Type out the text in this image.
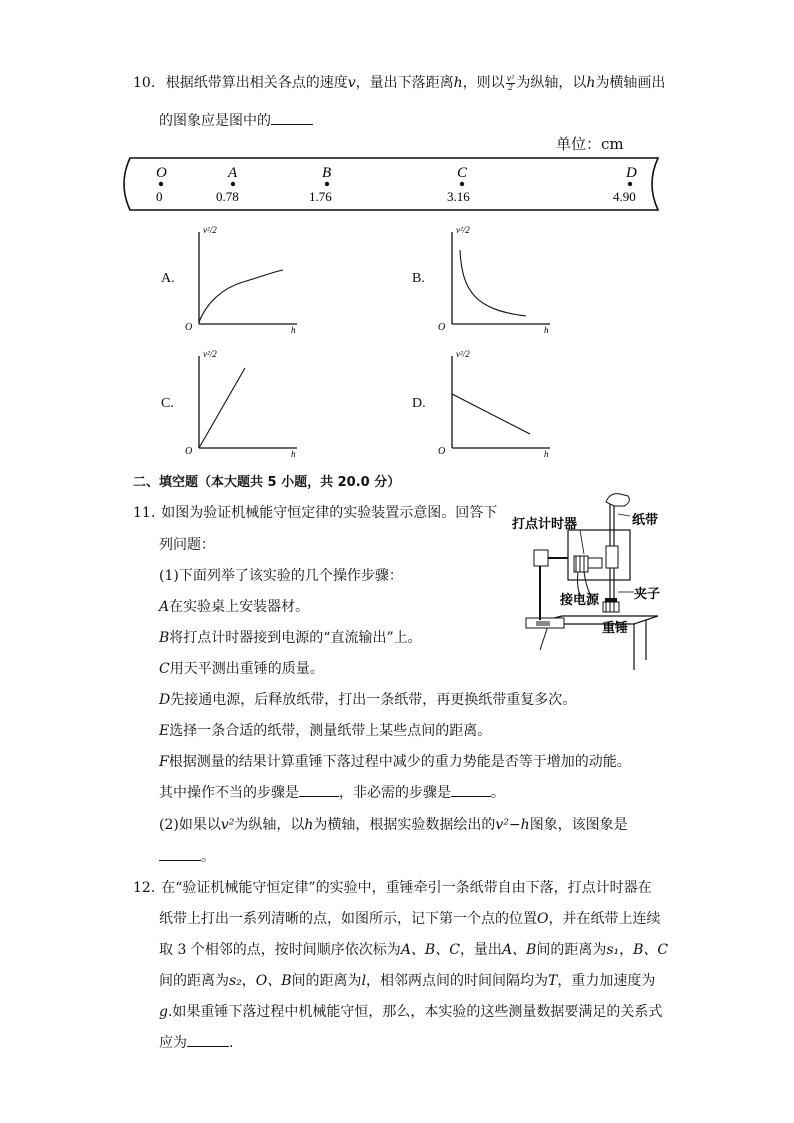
10. 根据纸带算出相关各点的速度v，量出下落距离h，则以 $\frac{\text{v²}}{2}$ 为纵轴，以h为横轴画出
的图象应是图中的
单位：cm
O
0
A
0.78
B
1.76
C
3.16
D
4.90
A.
v²/2
O	h
B.
v²/2
O	h
C.
v²/2
O	h
D.
v²/2
O	h
二、填空题（本大题共 5 小题，共 20.0 分）
11. 如图为验证机械能守恒定律的实验装置示意图。回答下
列问题：
(1)下面列举了该实验的几个操作步骤：
A在实验桌上安装器材。
B将打点计时器接到电源的“直流输出”上。
C用天平测出重锤的质量。
D先接通电源，后释放纸带，打出一条纸带，再更换纸带重复多次。
E选择一条合适的纸带，测量纸带上某些点间的距离。
F根据测量的结果计算重锤下落过程中减少的重力势能是否等于增加的动能。
其中操作不当的步骤是	，非必需的步骤是	。
(2)如果以v²为纵轴，以h为横轴，根据实验数据绘出的v²−h图象，该图象是
。
打点计时器	纸带
接电源	夹子
重锤
12. 在“验证机械能守恒定律”的实验中，重锤牵引一条纸带自由下落，打点计时器在
纸带上打出一系列清晰的点，如图所示，记下第一个点的位置O，并在纸带上连续
取 3 个相邻的点，按时间顺序依次标为A、B、C，量出A、B间的距离为s₁，B、C
间的距离为s₂，O、B间的距离为l，相邻两点间的时间间隔均为T，重力加速度为
g.如果重锤下落过程中机械能守恒，那么，本实验的这些测量数据要满足的关系式
应为	.
